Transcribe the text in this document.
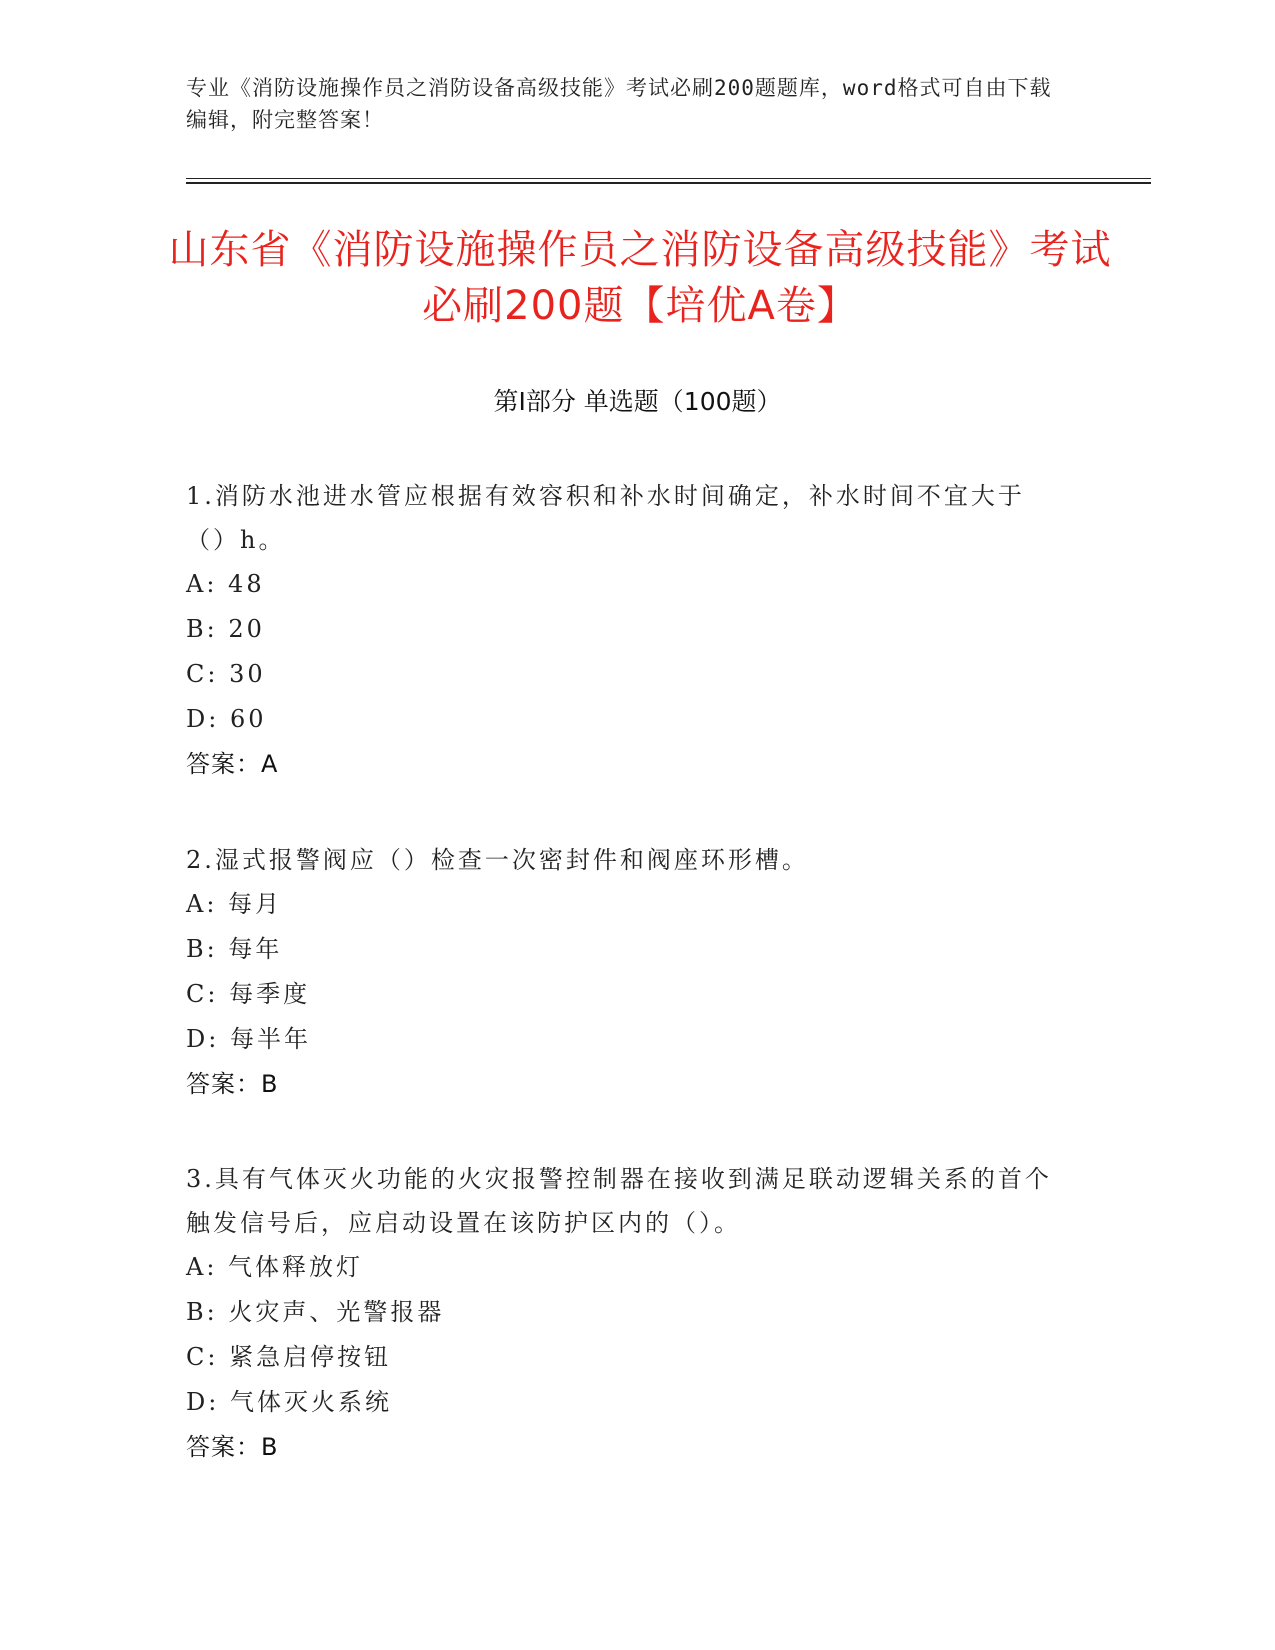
专业《消防设施操作员之消防设备高级技能》考试必刷200题题库，word格式可自由下载编辑，附完整答案！
山东省《消防设施操作员之消防设备高级技能》考试必刷200题【培优A卷】
第I部分 单选题（100题）
1.消防水池进水管应根据有效容积和补水时间确定，补水时间不宜大于（）h。
A: 48
B: 20
C: 30
D: 60
答案：A
2.湿式报警阀应（）检查一次密封件和阀座环形槽。
A: 每月
B: 每年
C: 每季度
D: 每半年
答案：B
3.具有气体灭火功能的火灾报警控制器在接收到满足联动逻辑关系的首个触发信号后，应启动设置在该防护区内的（）。
A: 气体释放灯
B: 火灾声、光警报器
C: 紧急启停按钮
D: 气体灭火系统
答案：B
